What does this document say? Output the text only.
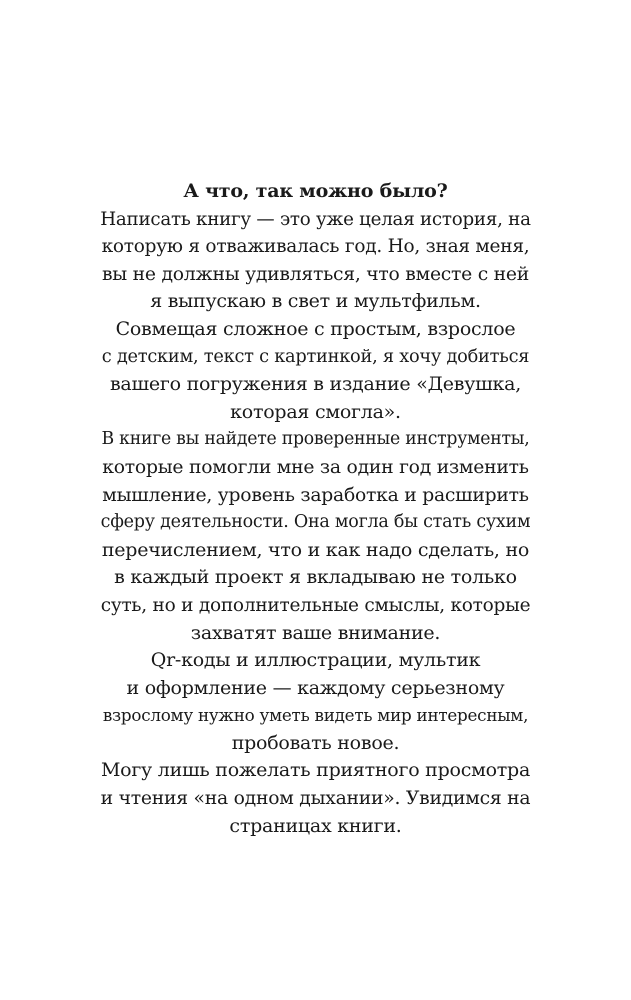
А что, так можно было?
Написать книгу — это уже целая история, на
которую я отваживалась год. Но, зная меня,
вы не должны удивляться, что вместе с ней
я выпускаю в свет и мультфильм.
Совмещая сложное с простым, взрослое
с детским, текст с картинкой, я хочу добиться
вашего погружения в издание «Девушка,
которая смогла».
В книге вы найдете проверенные инструменты,
которые помогли мне за один год изменить
мышление, уровень заработка и расширить
сферу деятельности. Она могла бы стать сухим
перечислением, что и как надо сделать, но
в каждый проект я вкладываю не только
суть, но и дополнительные смыслы, которые
захватят ваше внимание.
Qr-коды и иллюстрации, мультик
и оформление — каждому серьезному
взрослому нужно уметь видеть мир интересным,
пробовать новое.
Могу лишь пожелать приятного просмотра
и чтения «на одном дыхании». Увидимся на
страницах книги.
